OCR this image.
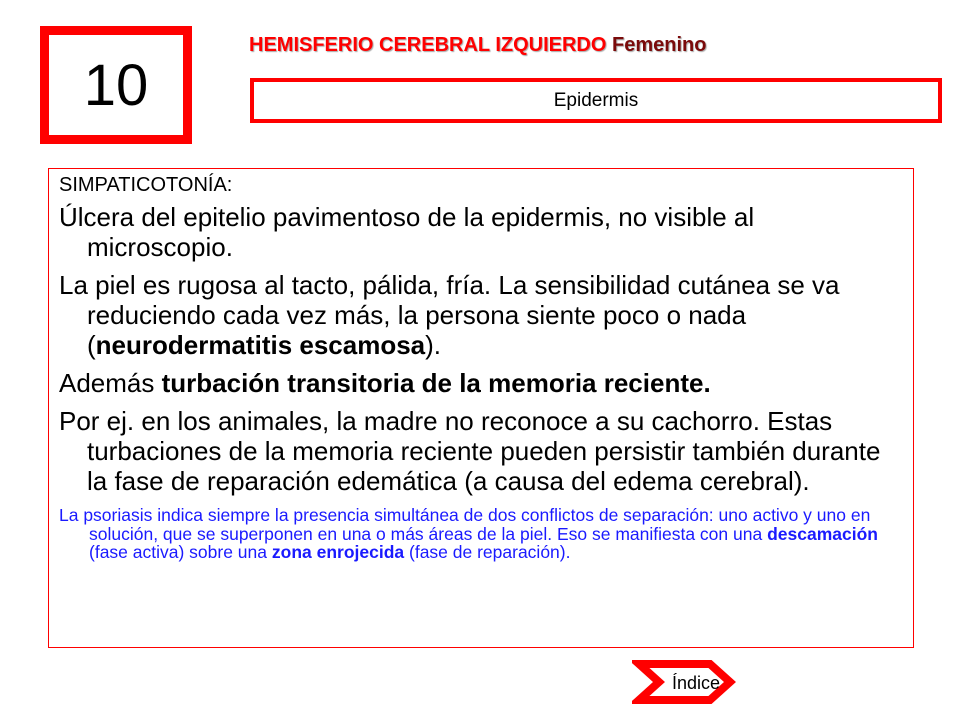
10
HEMISFERIO CEREBRAL IZQUIERDO Femenino
Epidermis

SIMPATICOTONÍA:

Úlcera del epitelio pavimentoso de la epidermis, no visible al microscopio.

La piel es rugosa al tacto, pálida, fría. La sensibilidad cutánea se va reduciendo cada vez más, la persona siente poco o nada (neurodermatitis escamosa).

Además turbación transitoria de la memoria reciente.

Por ej. en los animales, la madre no reconoce a su cachorro. Estas turbaciones de la memoria reciente pueden persistir también durante la fase de reparación edemática (a causa del edema cerebral).

La psoriasis indica siempre la presencia simultánea de dos conflictos de separación: uno activo y uno en solución, que se superponen en una o más áreas de la piel. Eso se manifiesta con una descamación (fase activa) sobre una zona enrojecida (fase de reparación).

Índice
